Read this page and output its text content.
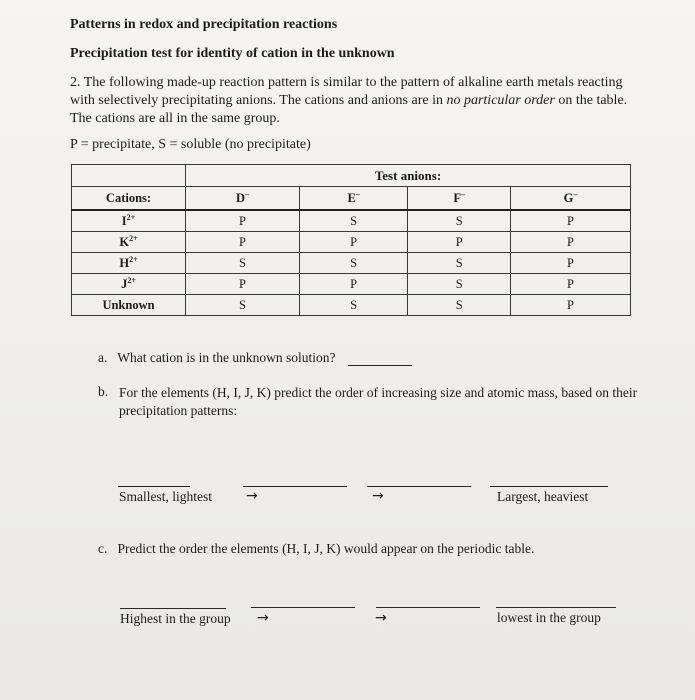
Patterns in redox and precipitation reactions
Precipitation test for identity of cation in the unknown
2. The following made-up reaction pattern is similar to the pattern of alkaline earth metals reacting with selectively precipitating anions. The cations and anions are in no particular order on the table. The cations are all in the same group.
P = precipitate, S = soluble (no precipitate)
	Test anions:			
Cations:	D–	E–	F–	G–
$I^{2+}$	P	S	S	P
$K^{2+}$	P	P	P	P
$H^{2+}$	S	S	S	P
$J^{2+}$	P	P	S	P
Unknown	S	S	S	P
a. What cation is in the unknown solution?
b. For the elements (H, I, J, K) predict the order of increasing size and atomic mass, based on their precipitation patterns:
Smallest, lightest →	→	Largest, heaviest
c. Predict the order the elements (H, I, J, K) would appear on the periodic table.
Highest in the group →	→	lowest in the group
